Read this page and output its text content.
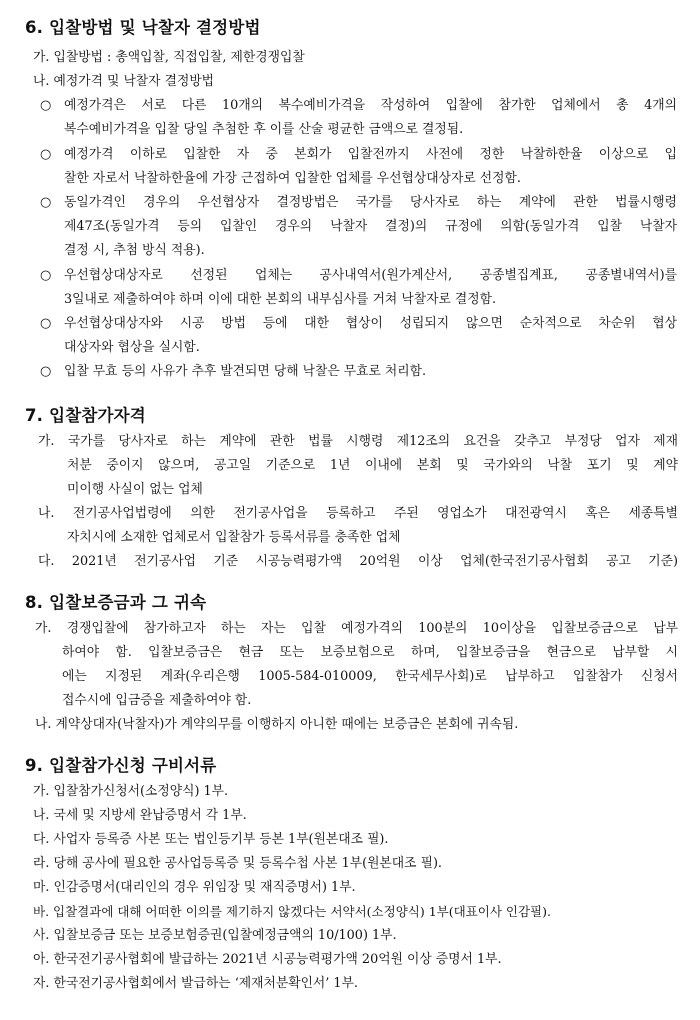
6. 입찰방법 및 낙찰자 결정방법
가. 입찰방법 : 총액입찰, 직접입찰, 제한경쟁입찰
나. 예정가격 및 낙찰자 결정방법
○ 예정가격은 서로 다른 10개의 복수예비가격을 작성하여 입찰에 참가한 업체에서 총 4개의
복수예비가격을 입찰 당일 추첨한 후 이를 산술 평균한 금액으로 결정됨.
○ 예정가격 이하로 입찰한 자 중 본회가 입찰전까지 사전에 정한 낙찰하한율 이상으로 입
찰한 자로서 낙찰하한율에 가장 근접하여 입찰한 업체를 우선협상대상자로 선정함.
○ 동일가격인 경우의 우선협상자 결정방법은 국가를 당사자로 하는 계약에 관한 법률시행령
제47조(동일가격 등의 입찰인 경우의 낙찰자 결정)의 규정에 의함(동일가격 입찰 낙찰자
결정 시, 추첨 방식 적용).
○ 우선협상대상자로 선정된 업체는 공사내역서(원가계산서, 공종별집계표, 공종별내역서)를
3일내로 제출하여야 하며 이에 대한 본회의 내부심사를 거쳐 낙찰자로 결정함.
○ 우선협상대상자와 시공 방법 등에 대한 협상이 성립되지 않으면 순차적으로 차순위 협상
대상자와 협상을 실시함.
○ 입찰 무효 등의 사유가 추후 발견되면 당해 낙찰은 무효로 처리함.
7. 입찰참가자격
가. 국가를 당사자로 하는 계약에 관한 법률 시행령 제12조의 요건을 갖추고 부정당 업자 제재
처분 중이지 않으며, 공고일 기준으로 1년 이내에 본회 및 국가와의 낙찰 포기 및 계약
미이행 사실이 없는 업체
나. 전기공사업법령에 의한 전기공사업을 등록하고 주된 영업소가 대전광역시 혹은 세종특별
자치시에 소재한 업체로서 입찰참가 등록서류를 충족한 업체
다. 2021년 전기공사업 기준 시공능력평가액 20억원 이상 업체(한국전기공사협회 공고 기준)
8. 입찰보증금과 그 귀속
가. 경쟁입찰에 참가하고자 하는 자는 입찰 예정가격의 100분의 10이상을 입찰보증금으로 납부
하여야 함. 입찰보증금은 현금 또는 보증보험으로 하며, 입찰보증금을 현금으로 납부할 시
에는 지정된 계좌(우리은행 1005-584-010009, 한국세무사회)로 납부하고 입찰참가 신청서
접수시에 입금증을 제출하여야 함.
나. 계약상대자(낙찰자)가 계약의무를 이행하지 아니한 때에는 보증금은 본회에 귀속됨.
9. 입찰참가신청 구비서류
가. 입찰참가신청서(소정양식) 1부.
나. 국세 및 지방세 완납증명서 각 1부.
다. 사업자 등록증 사본 또는 법인등기부 등본 1부(원본대조 필).
라. 당해 공사에 필요한 공사업등록증 및 등록수첩 사본 1부(원본대조 필).
마. 인감증명서(대리인의 경우 위임장 및 재직증명서) 1부.
바. 입찰결과에 대해 어떠한 이의를 제기하지 않겠다는 서약서(소정양식) 1부(대표이사 인감필).
사. 입찰보증금 또는 보증보험증권(입찰예정금액의 10/100) 1부.
아. 한국전기공사협회에 발급하는 2021년 시공능력평가액 20억원 이상 증명서 1부.
자. 한국전기공사협회에서 발급하는 ‘제재처분확인서’ 1부.
